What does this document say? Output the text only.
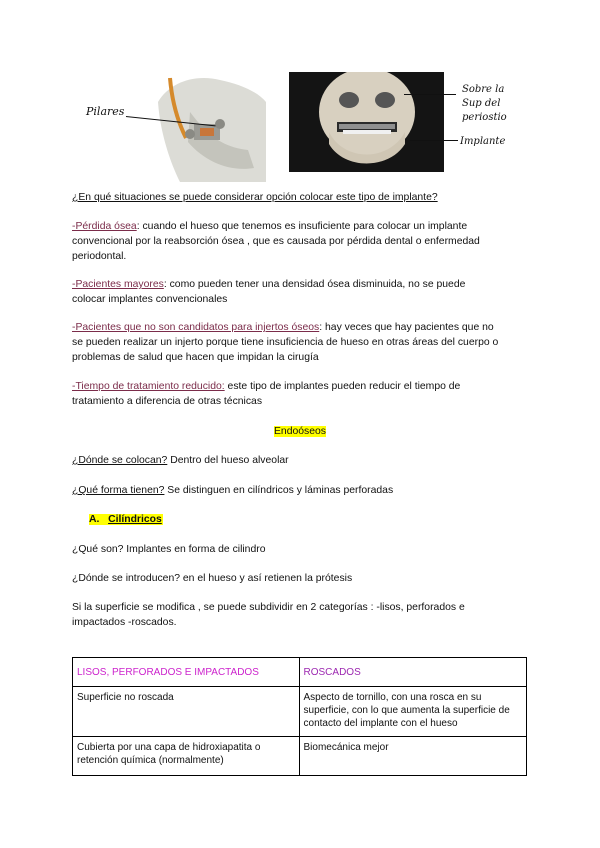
Pilares
Sobre la
Sup del
periostio
Implante
¿En qué situaciones se puede considerar opción colocar este tipo de implante?
-Pérdida ósea: cuando el hueso que tenemos es insuficiente para colocar un implante
convencional por la reabsorción ósea , que es causada por pérdida dental o enfermedad
periodontal.
-Pacientes mayores: como pueden tener una densidad ósea disminuida, no se puede
colocar implantes convencionales
-Pacientes que no son candidatos para injertos óseos: hay veces que hay pacientes que no
se pueden realizar un injerto porque tiene insuficiencia de hueso en otras áreas del cuerpo o
problemas de salud que hacen que impidan la cirugía
-Tiempo de tratamiento reducido: este tipo de implantes pueden reducir el tiempo de
tratamiento a diferencia de otras técnicas
Endoóseos
¿Dónde se colocan? Dentro del hueso alveolar
¿Qué forma tienen? Se distinguen en cilíndricos y láminas perforadas
A. Cilíndricos
¿Qué son? Implantes en forma de cilindro
¿Dónde se introducen? en el hueso y así retienen la prótesis
Si la superficie se modifica , se puede subdividir en 2 categorías : -lisos, perforados e
impactados -roscados.
LISOS, PERFORADOS E IMPACTADOS	ROSCADOS
Superficie no roscada	Aspecto de tornillo, con una rosca en su superficie, con lo que aumenta la superficie de contacto del implante con el hueso
Cubierta por una capa de hidroxiapatita o retención química (normalmente)	Biomecánica mejor
